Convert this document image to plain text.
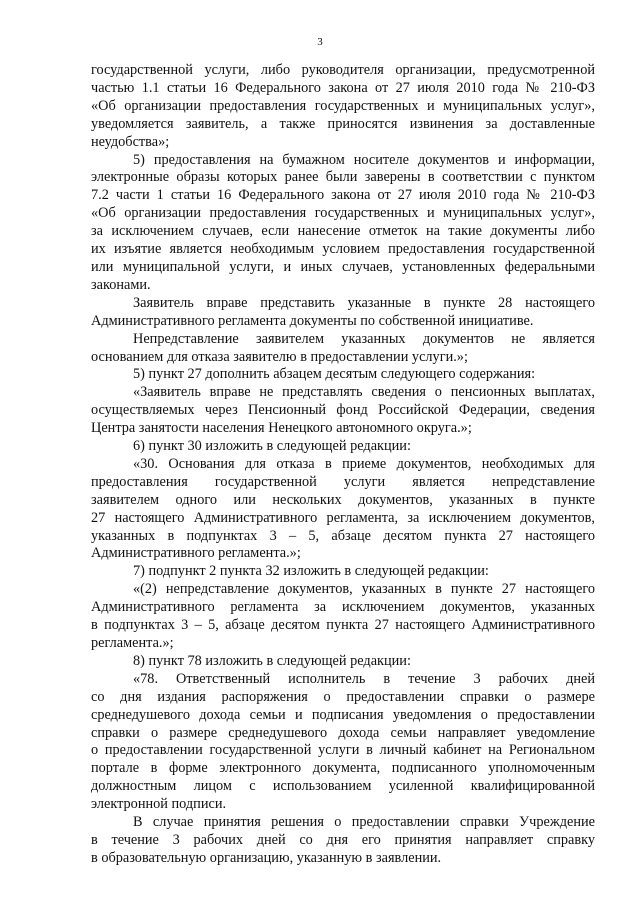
3
государственной услуги, либо руководителя организации, предусмотренной
частью 1.1 статьи 16 Федерального закона от 27 июля 2010 года № 210-ФЗ
«Об организации предоставления государственных и муниципальных услуг»,
уведомляется заявитель, а также приносятся извинения за доставленные
неудобства»;
5) предоставления на бумажном носителе документов и информации,
электронные образы которых ранее были заверены в соответствии с пунктом
7.2 части 1 статьи 16 Федерального закона от 27 июля 2010 года № 210-ФЗ
«Об организации предоставления государственных и муниципальных услуг»,
за исключением случаев, если нанесение отметок на такие документы либо
их изъятие является необходимым условием предоставления государственной
или муниципальной услуги, и иных случаев, установленных федеральными
законами.
Заявитель вправе представить указанные в пункте 28 настоящего
Административного регламента документы по собственной инициативе.
Непредставление заявителем указанных документов не является
основанием для отказа заявителю в предоставлении услуги.»;
5) пункт 27 дополнить абзацем десятым следующего содержания:
«Заявитель вправе не представлять сведения о пенсионных выплатах,
осуществляемых через Пенсионный фонд Российской Федерации, сведения
Центра занятости населения Ненецкого автономного округа.»;
6) пункт 30 изложить в следующей редакции:
«30. Основания для отказа в приеме документов, необходимых для
предоставления государственной услуги является непредставление
заявителем одного или нескольких документов, указанных в пункте
27 настоящего Административного регламента, за исключением документов,
указанных в подпунктах 3 – 5, абзаце десятом пункта 27 настоящего
Административного регламента.»;
7) подпункт 2 пункта 32 изложить в следующей редакции:
«(2) непредставление документов, указанных в пункте 27 настоящего
Административного регламента за исключением документов, указанных
в подпунктах 3 – 5, абзаце десятом пункта 27 настоящего Административного
регламента.»;
8) пункт 78 изложить в следующей редакции:
«78. Ответственный исполнитель в течение 3 рабочих дней
со дня издания распоряжения о предоставлении справки о размере
среднедушевого дохода семьи и подписания уведомления о предоставлении
справки о размере среднедушевого дохода семьи направляет уведомление
о предоставлении государственной услуги в личный кабинет на Региональном
портале в форме электронного документа, подписанного уполномоченным
должностным лицом с использованием усиленной квалифицированной
электронной подписи.
В случае принятия решения о предоставлении справки Учреждение
в течение 3 рабочих дней со дня его принятия направляет справку
в образовательную организацию, указанную в заявлении.
